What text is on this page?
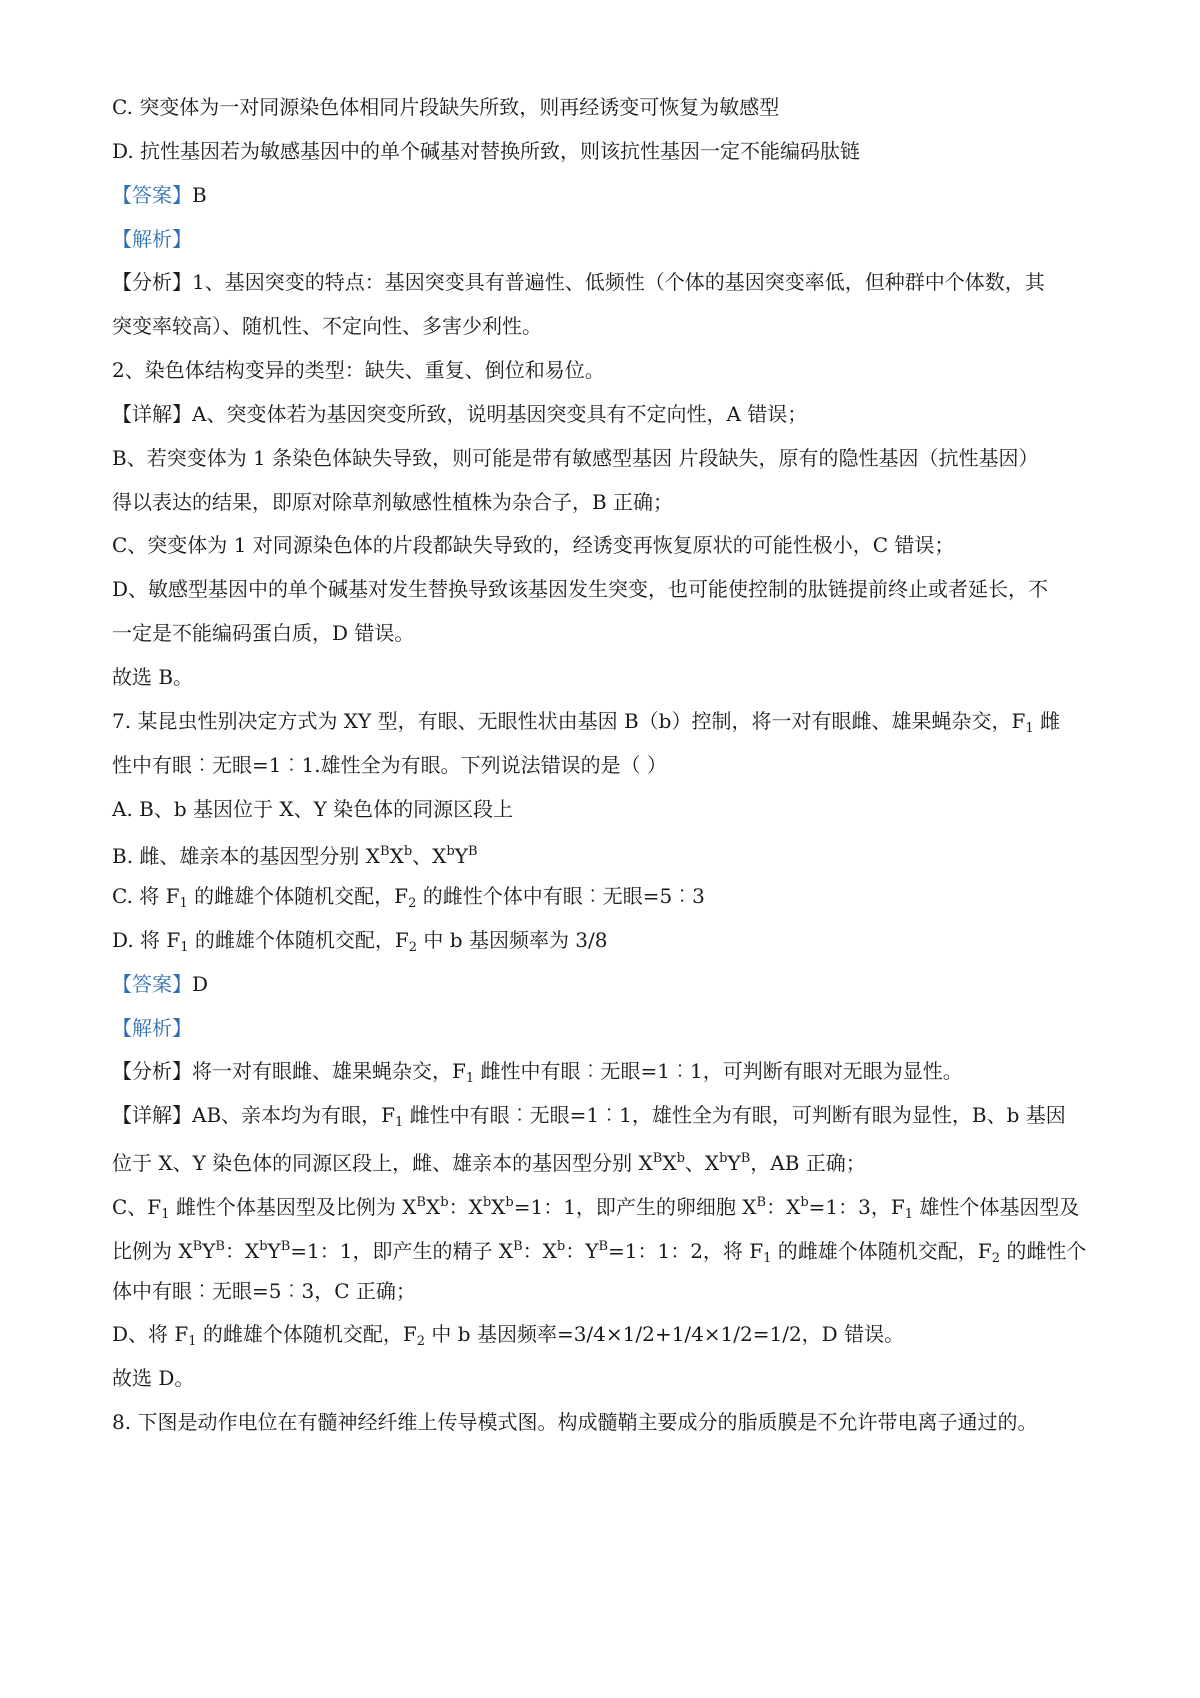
C. 突变体为一对同源染色体相同片段缺失所致，则再经诱变可恢复为敏感型
D. 抗性基因若为敏感基因中的单个碱基对替换所致，则该抗性基因一定不能编码肽链
【答案】B
【解析】
【分析】1、基因突变的特点：基因突变具有普遍性、低频性（个体的基因突变率低，但种群中个体数，其
突变率较高）、随机性、不定向性、多害少利性。
2、染色体结构变异的类型：缺失、重复、倒位和易位。
【详解】A、突变体若为基因突变所致，说明基因突变具有不定向性，A 错误；
B、若突变体为 1 条染色体缺失导致，则可能是带有敏感型基因 片段缺失，原有的隐性基因（抗性基因）
得以表达的结果，即原对除草剂敏感性植株为杂合子，B 正确；
C、突变体为 1 对同源染色体的片段都缺失导致的，经诱变再恢复原状的可能性极小，C 错误；
D、敏感型基因中的单个碱基对发生替换导致该基因发生突变，也可能使控制的肽链提前终止或者延长，不
一定是不能编码蛋白质，D 错误。
故选 B。
7. 某昆虫性别决定方式为 XY 型，有眼、无眼性状由基因 B（b）控制，将一对有眼雌、雄果蝇杂交，$F_1$ 雌
性中有眼︰无眼=1︰1.雄性全为有眼。下列说法错误的是（ ）
A. B、b 基因位于 X、Y 染色体的同源区段上
B. 雌、雄亲本的基因型分别 $X^BX^b$、$X^bY^B$
C. 将 $F_1$ 的雌雄个体随机交配，$F_2$ 的雌性个体中有眼︰无眼=5︰3
D. 将 $F_1$ 的雌雄个体随机交配，$F_2$ 中 b 基因频率为 3/8
【答案】D
【解析】
【分析】将一对有眼雌、雄果蝇杂交，$F_1$ 雌性中有眼︰无眼=1︰1，可判断有眼对无眼为显性。
【详解】AB、亲本均为有眼，$F_1$ 雌性中有眼︰无眼=1︰1，雄性全为有眼，可判断有眼为显性，B、b 基因
位于 X、Y 染色体的同源区段上，雌、雄亲本的基因型分别 $X^BX^b$、$X^bY^B$，AB 正确；
C、$F_1$ 雌性个体基因型及比例为 $X^BX^b$：$X^bX^b=1$：1，即产生的卵细胞 $X^B$：$X^b=1$：3，$F_1$ 雄性个体基因型及
比例为 $X^BY^B$：$X^bY^B=1$：1，即产生的精子 $X^B$：$X^b$：$Y^B=1$：1：2，将 $F_1$ 的雌雄个体随机交配，$F_2$ 的雌性个
体中有眼︰无眼=5︰3，C 正确；
D、将 $F_1$ 的雌雄个体随机交配，$F_2$ 中 b 基因频率=3/4×1/2+1/4×1/2=1/2，D 错误。
故选 D。
8. 下图是动作电位在有髓神经纤维上传导模式图。构成髓鞘主要成分的脂质膜是不允许带电离子通过的。
